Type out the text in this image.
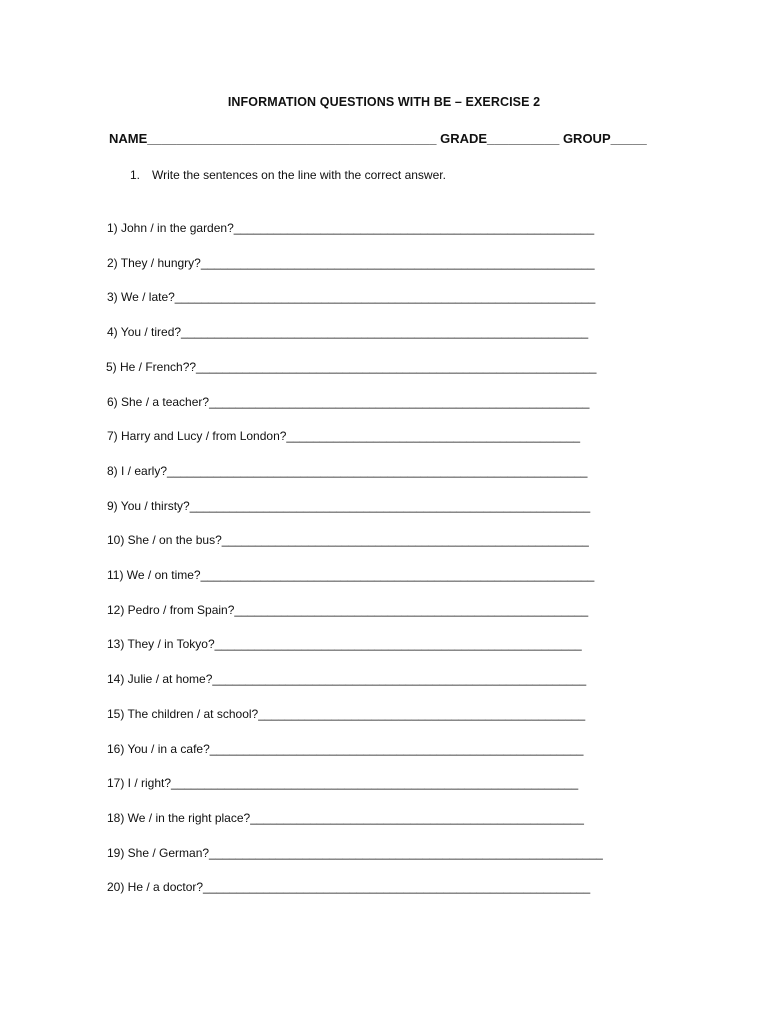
INFORMATION QUESTIONS WITH BE – EXERCISE 2
NAME________________________________________ GRADE__________ GROUP_____
1. Write the sentences on the line with the correct answer.
1) John / in the garden?______________________________________________________
2) They / hungry?___________________________________________________________
3) We / late?_______________________________________________________________
4) You / tired?_____________________________________________________________
5) He / French??____________________________________________________________
6) She / a teacher?_________________________________________________________
7) Harry and Lucy / from London?____________________________________________
8) I / early?_______________________________________________________________
9) You / thirsty?____________________________________________________________
10) She / on the bus?_______________________________________________________
11) We / on time?___________________________________________________________
12) Pedro / from Spain?_____________________________________________________
13) They / in Tokyo?_______________________________________________________
14) Julie / at home?________________________________________________________
15) The children / at school?_________________________________________________
16) You / in a cafe?________________________________________________________
17) I / right?_____________________________________________________________
18) We / in the right place?__________________________________________________
19) She / German?___________________________________________________________
20) He / a doctor?__________________________________________________________
